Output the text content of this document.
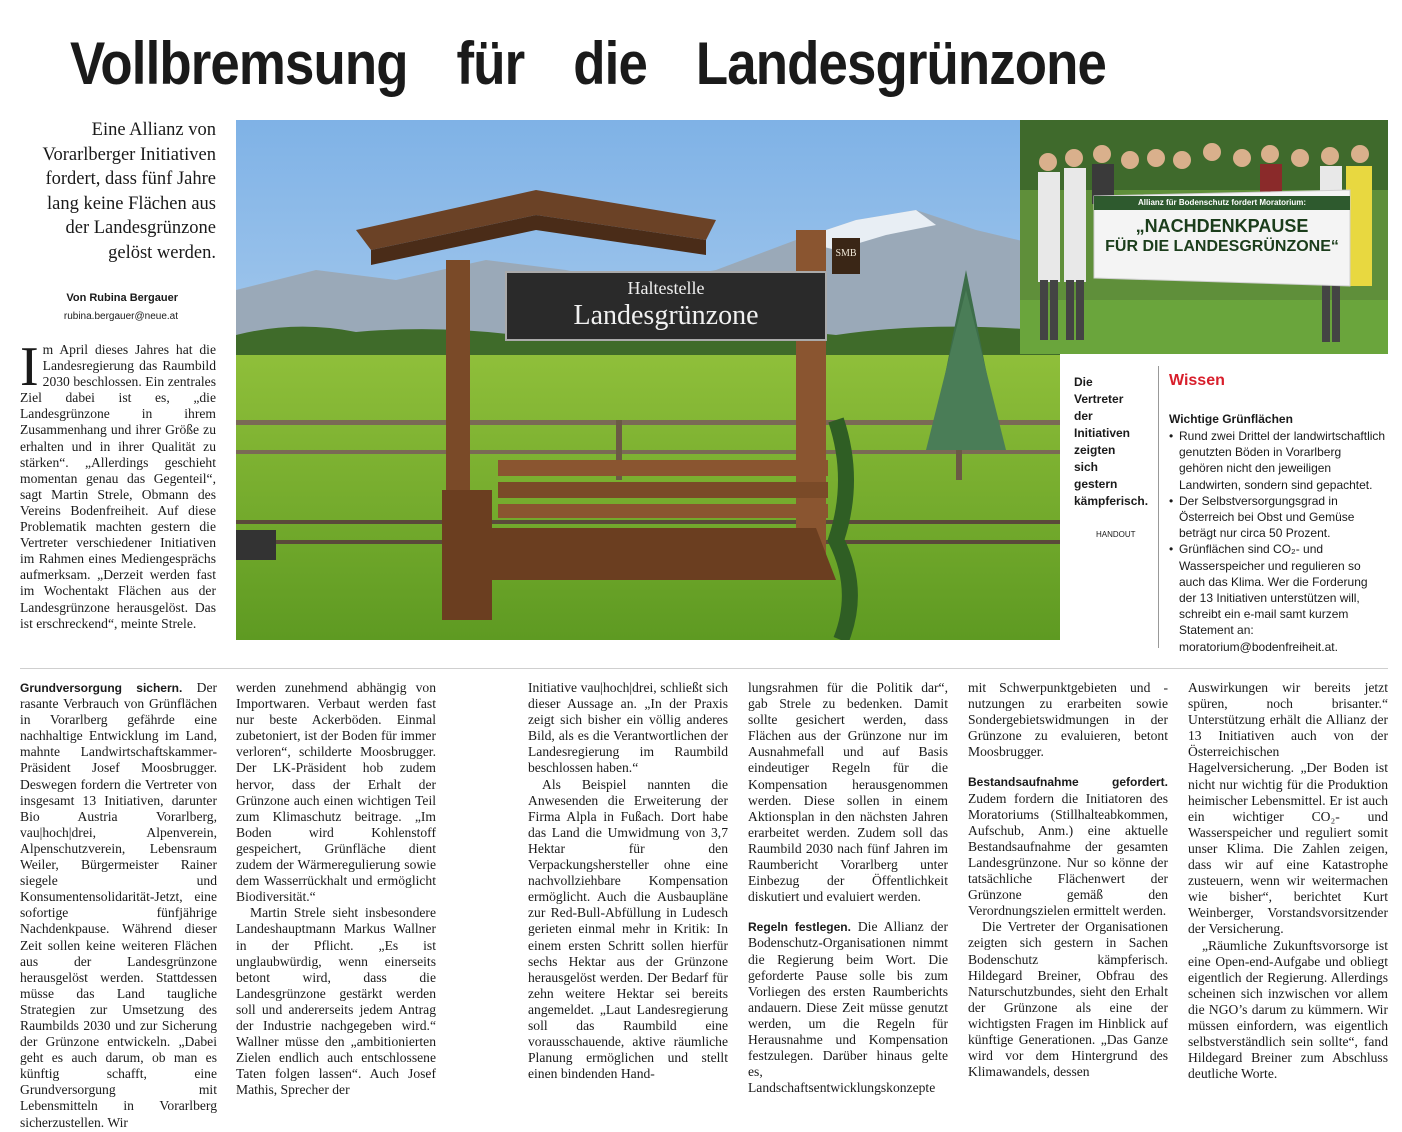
Vollbremsung für die Landesgrünzone
Eine Allianz von Vorarlberger Initiativen fordert, dass fünf Jahre lang keine Flächen aus der Landesgrünzone gelöst werden.
Von Rubina Bergauer
rubina.bergauer@neue.at

Im April dieses Jahres hat die Landesregierung das Raumbild 2030 beschlossen. Ein zentrales Ziel dabei ist es, „die Landesgrünzone in ihrem Zusammenhang und ihrer Größe zu erhalten und in ihrer Qualität zu stärken“. „Allerdings geschieht momentan genau das Gegenteil“, sagt Martin Strele, Obmann des Vereins Bodenfreiheit. Auf diese Problematik machten gestern die Vertreter verschiedener Initiativen im Rahmen eines Mediengesprächs aufmerksam. „Derzeit werden fast im Wochentakt Flächen aus der Landesgrünzone herausgelöst. Das ist erschreckend“, meinte Strele.

Haltestelle
Landesgrünzone
SMB
Allianz für Bodenschutz fordert Moratorium:
„NACHDENKPAUSE
FÜR DIE LANDESGRÜNZONE“
Die Vertreter der Initiativen zeigten sich gestern kämpferisch.
HANDOUT
Wissen
Wichtige Grünflächen
• Rund zwei Drittel der landwirtschaftlich genutzten Böden in Vorarlberg gehören nicht den jeweiligen Landwirten, sondern sind gepachtet.
• Der Selbstversorgungsgrad in Österreich bei Obst und Gemüse beträgt nur circa 50 Prozent.
• Grünflächen sind CO₂- und Wasserspeicher und regulieren so auch das Klima. Wer die Forderung der 13 Initiativen unterstützen will, schreibt ein e-mail samt kurzem Statement an: moratorium@bodenfreiheit.at.

Grundversorgung sichern. Der rasante Verbrauch von Grünflächen in Vorarlberg gefährde eine nachhaltige Entwicklung im Land, mahnte Landwirtschaftskammer-Präsident Josef Moosbrugger. Deswegen fordern die Vertreter von insgesamt 13 Initiativen, darunter Bio Austria Vorarlberg, vau|hoch|drei, Alpenverein, Alpenschutzverein, Lebensraum Weiler, Bürgermeister Rainer siegele und Konsumentensolidarität-Jetzt, eine sofortige fünfjährige Nachdenkpause. Während dieser Zeit sollen keine weiteren Flächen aus der Landesgrünzone herausgelöst werden. Stattdessen müsse das Land taugliche Strategien zur Umsetzung des Raumbilds 2030 und zur Sicherung der Grünzone entwickeln. „Dabei geht es auch darum, ob man es künftig schafft, eine Grundversorgung mit Lebensmitteln in Vorarlberg sicherzustellen. Wir

werden zunehmend abhängig von Importwaren. Verbaut werden fast nur beste Ackerböden. Einmal zubetoniert, ist der Boden für immer verloren“, schilderte Moosbrugger. Der LK-Präsident hob zudem hervor, dass der Erhalt der Grünzone auch einen wichtigen Teil zum Klimaschutz beitrage. „Im Boden wird Kohlenstoff gespeichert, Grünfläche dient zudem der Wärmeregulierung sowie dem Wasserrückhalt und ermöglicht Biodiversität.“

Martin Strele sieht insbesondere Landeshauptmann Markus Wallner in der Pflicht. „Es ist unglaubwürdig, wenn einerseits betont wird, dass die Landesgrünzone gestärkt werden soll und andererseits jedem Antrag der Industrie nachgegeben wird.“ Wallner müsse den „ambitionierten Zielen endlich auch entschlossene Taten folgen lassen“. Auch Josef Mathis, Sprecher der

Initiative vau|hoch|drei, schließt sich dieser Aussage an. „In der Praxis zeigt sich bisher ein völlig anderes Bild, als es die Verantwortlichen der Landesregierung im Raumbild beschlossen haben.“

Als Beispiel nannten die Anwesenden die Erweiterung der Firma Alpla in Fußach. Dort habe das Land die Umwidmung von 3,7 Hektar für den Verpackungshersteller ohne eine nachvollziehbare Kompensation ermöglicht. Auch die Ausbaupläne zur Red-Bull-Abfüllung in Ludesch gerieten einmal mehr in Kritik: In einem ersten Schritt sollen hierfür sechs Hektar aus der Grünzone herausgelöst werden. Der Bedarf für zehn weitere Hektar sei bereits angemeldet. „Laut Landesregierung soll das Raumbild eine vorausschauende, aktive räumliche Planung ermöglichen und stellt einen bindenden Hand-

lungsrahmen für die Politik dar“, gab Strele zu bedenken. Damit sollte gesichert werden, dass Flächen aus der Grünzone nur im Ausnahmefall und auf Basis eindeutiger Regeln für die Kompensation herausgenommen werden. Diese sollen in einem Aktionsplan in den nächsten Jahren erarbeitet werden. Zudem soll das Raumbild 2030 nach fünf Jahren im Raumbericht Vorarlberg unter Einbezug der Öffentlichkeit diskutiert und evaluiert werden.

Regeln festlegen. Die Allianz der Bodenschutz-Organisationen nimmt die Regierung beim Wort. Die geforderte Pause solle bis zum Vorliegen des ersten Raumberichts andauern. Diese Zeit müsse genutzt werden, um die Regeln für Herausnahme und Kompensation festzulegen. Darüber hinaus gelte es, Landschaftsentwicklungskonzepte

mit Schwerpunktgebieten und -nutzungen zu erarbeiten sowie Sondergebietswidmungen in der Grünzone zu evaluieren, betont Moosbrugger.

Bestandsaufnahme gefordert. Zudem fordern die Initiatoren des Moratoriums (Stillhalteabkommen, Aufschub, Anm.) eine aktuelle Bestandsaufnahme der gesamten Landesgrünzone. Nur so könne der tatsächliche Flächenwert der Grünzone gemäß den Verordnungszielen ermittelt werden.

Die Vertreter der Organisationen zeigten sich gestern in Sachen Bodenschutz kämpferisch. Hildegard Breiner, Obfrau des Naturschutzbundes, sieht den Erhalt der Grünzone als eine der wichtigsten Fragen im Hinblick auf künftige Generationen. „Das Ganze wird vor dem Hintergrund des Klimawandels, dessen

Auswirkungen wir bereits jetzt spüren, noch brisanter.“ Unterstützung erhält die Allianz der 13 Initiativen auch von der Österreichischen Hagelversicherung. „Der Boden ist nicht nur wichtig für die Produktion heimischer Lebensmittel. Er ist auch ein wichtiger CO₂- und Wasserspeicher und reguliert somit unser Klima. Die Zahlen zeigen, dass wir auf eine Katastrophe zusteuern, wenn wir weitermachen wie bisher“, berichtet Kurt Weinberger, Vorstandsvorsitzender der Versicherung.

„Räumliche Zukunftsvorsorge ist eine Open-end-Aufgabe und obliegt eigentlich der Regierung. Allerdings scheinen sich inzwischen vor allem die NGO’s darum zu kümmern. Wir müssen einfordern, was eigentlich selbstverständlich sein sollte“, fand Hildegard Breiner zum Abschluss deutliche Worte.
